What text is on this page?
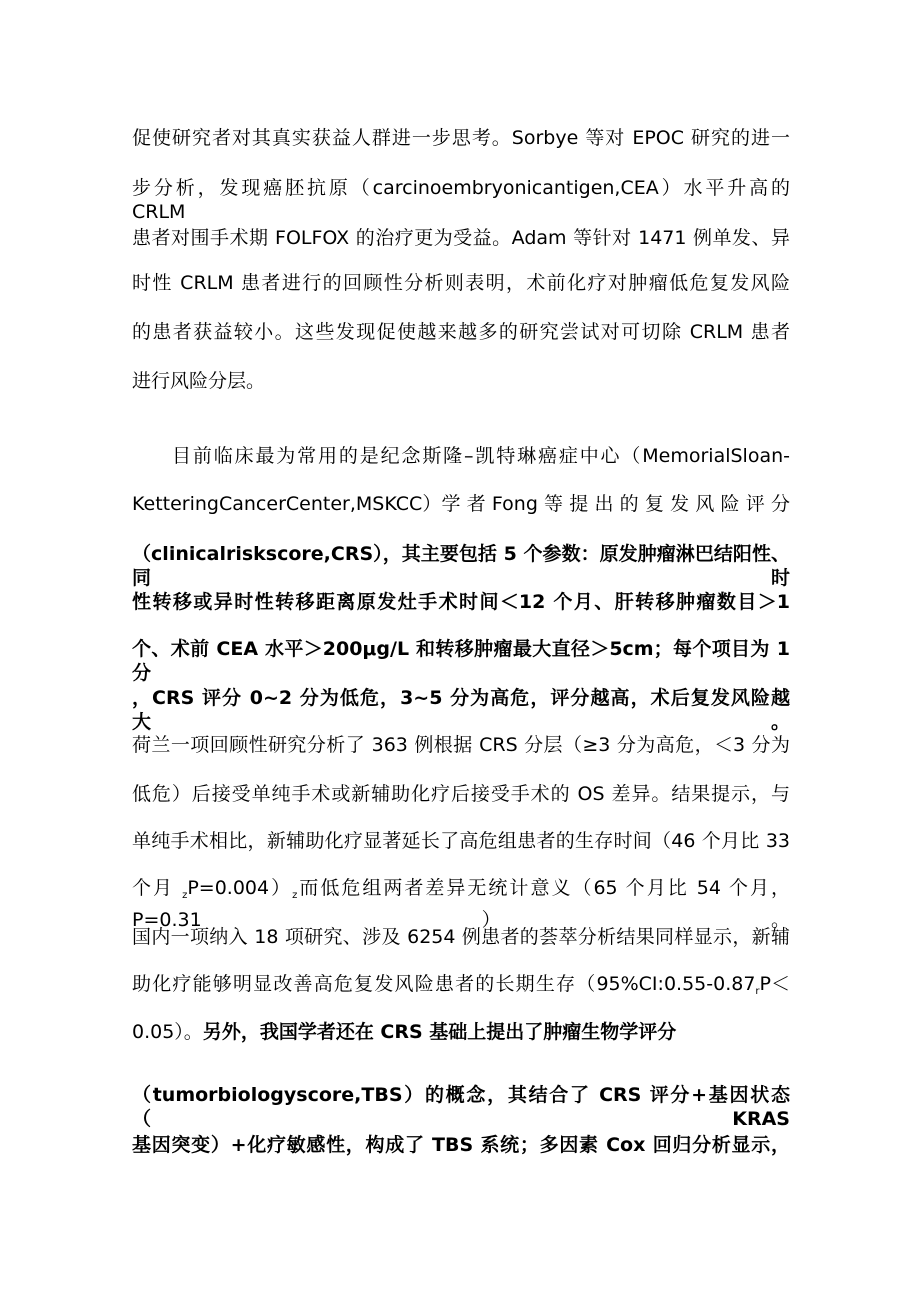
促使研究者对其真实获益人群进一步思考。Sorbye 等对 EPOC 研究的进一
步分析，发现癌胚抗原（carcinoembryonicantigen,CEA）水平升高的 CRLM
患者对围手术期 FOLFOX 的治疗更为受益。Adam 等针对 1471 例单发、异
时性 CRLM 患者进行的回顾性分析则表明，术前化疗对肿瘤低危复发风险
的患者获益较小。这些发现促使越来越多的研究尝试对可切除 CRLM 患者
进行风险分层。
目前临床最为常用的是纪念斯隆–凯特琳癌症中心（MemorialSloan-
KetteringCancerCenter,MSKCC）学 者 Fong 等 提 出 的 复 发 风 险 评 分
（clinicalriskscore,CRS），其主要包括 5 个参数：原发肿瘤淋巴结阳性、同时
性转移或异时性转移距离原发灶手术时间＜12 个月、肝转移肿瘤数目＞1
个、术前 CEA 水平＞200μg/L 和转移肿瘤最大直径＞5cm；每个项目为 1 分
，CRS 评分 0~2 分为低危，3~5 分为高危，评分越高，术后复发风险越大。
荷兰一项回顾性研究分析了 363 例根据 CRS 分层（≥3 分为高危，＜3 分为
低危）后接受单纯手术或新辅助化疗后接受手术的 OS 差异。结果提示，与
单纯手术相比，新辅助化疗显著延长了高危组患者的生存时间（46 个月比 33
个月 $_zP=0.004)_z$而低危组两者差异无统计意义（65 个月比 54 个月，P=0.31）。
国内一项纳入 18 项研究、涉及 6254 例患者的荟萃分析结果同样显示，新辅
助化疗能够明显改善高危复发风险患者的长期生存（$95\%CI:0.55-0.87_rP<$
0.05）。另外，我国学者还在 CRS 基础上提出了肿瘤生物学评分
（tumorbiologyscore,TBS）的概念，其结合了 CRS 评分+基因状态（KRAS
基因突变）+化疗敏感性，构成了 TBS 系统；多因素 Cox 回归分析显示，
